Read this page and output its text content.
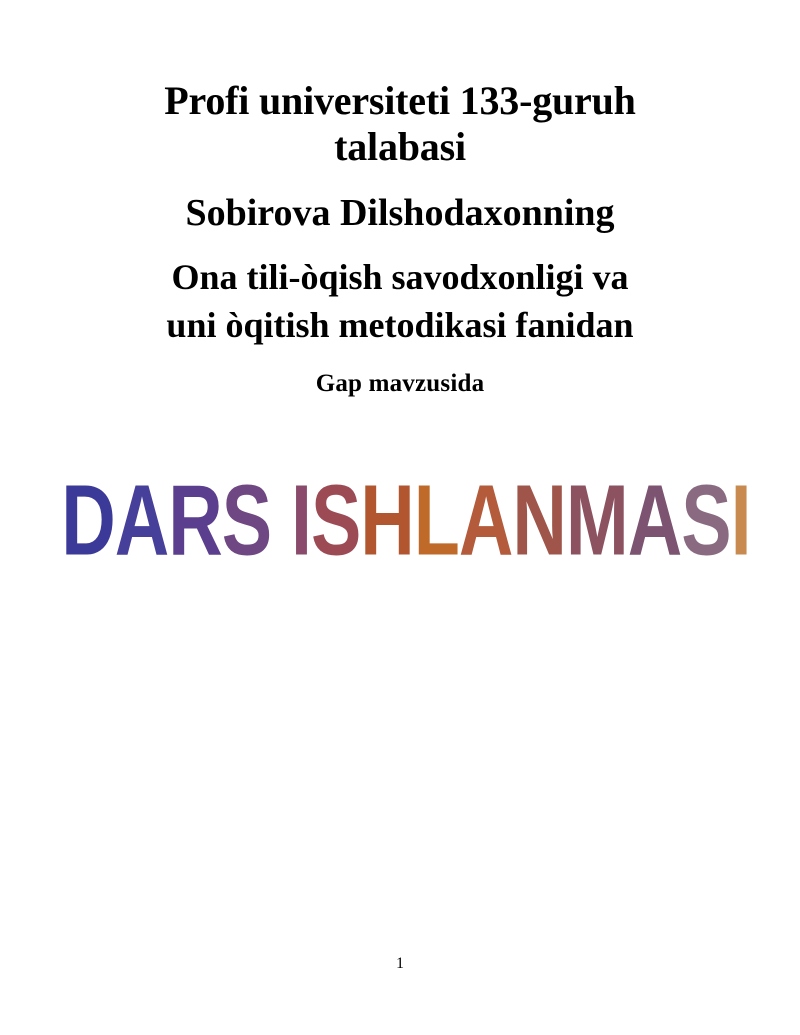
Profi universiteti 133-guruh talabasi
Sobirova Dilshodaxonning
Ona tili-òqish savodxonligi va
uni òqitish metodikasi fanidan
Gap mavzusida
DARS ISHLANMASI
1
